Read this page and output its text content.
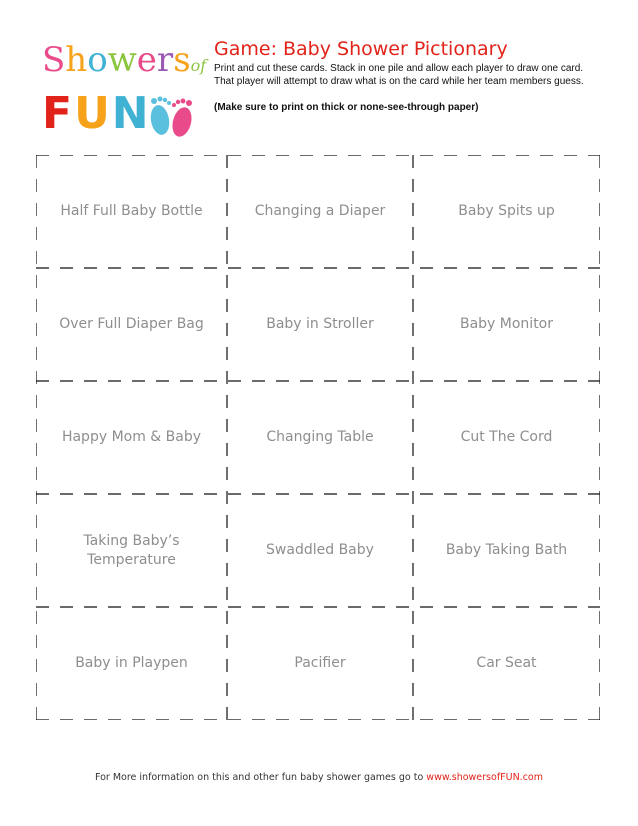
Showersof
FUN
Game: Baby Shower Pictionary
Print and cut these cards. Stack in one pile and allow each player to draw one card. That player will attempt to draw what is on the card while her team members guess.
(Make sure to print on thick or none-see-through paper)
Half Full Baby Bottle	Changing a Diaper	Baby Spits up
Over Full Diaper Bag	Baby in Stroller	Baby Monitor
Happy Mom & Baby	Changing Table	Cut The Cord
Taking Baby’s Temperature
Swaddled Baby	Baby Taking Bath
Baby in Playpen	Pacifier	Car Seat
For More information on this and other fun baby shower games go to www.showersofFUN.com
